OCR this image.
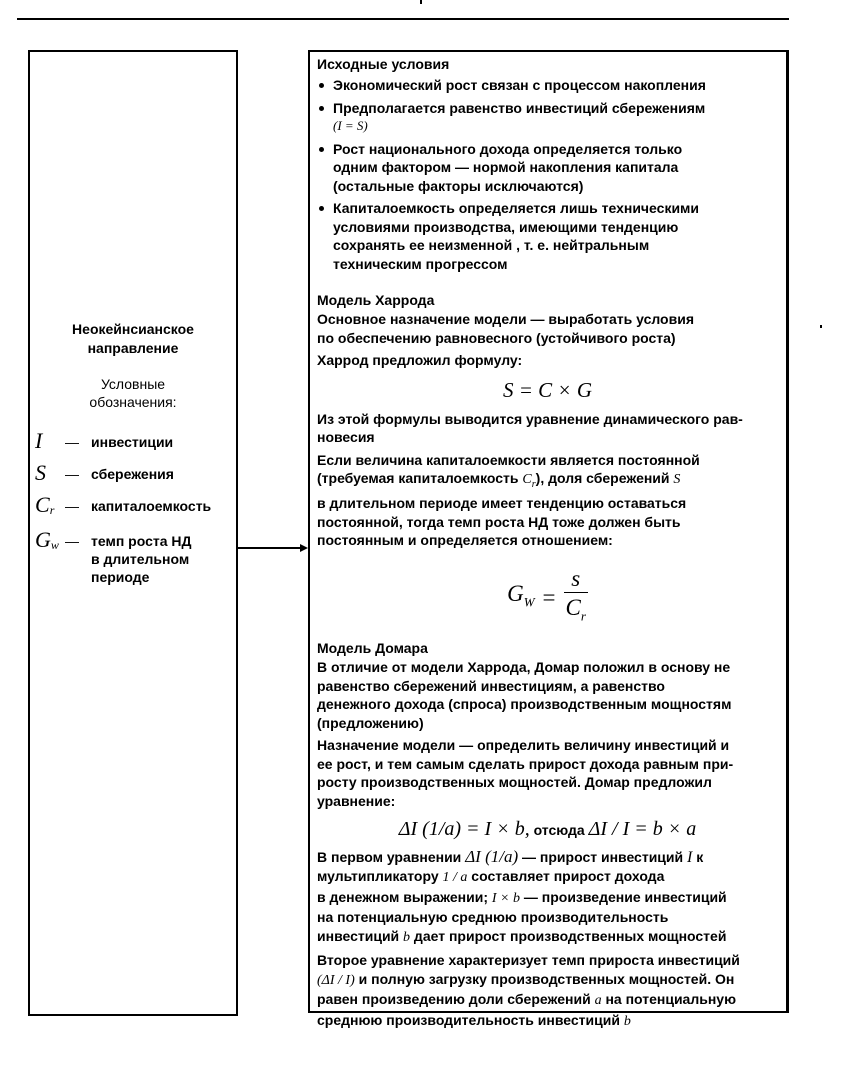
Неокейнсианское
направление
Условные
обозначения:
I	— инвестиции
S	— сбережения
$C_r$ — капиталоемкость
$G_w$ — темп роста НД
в длительном
периоде
Исходные условия
Экономический рост связан с процессом накопления
Предполагается равенство инвестиций сбережениям
(I = S)
Рост национального дохода определяется только
одним фактором — нормой накопления капитала
(остальные факторы исключаются)
Капиталоемкость определяется лишь техническими
условиями производства, имеющими тенденцию
сохранять ее неизменной , т. е. нейтральным
техническим прогрессом
Модель Харрода
Основное назначение модели — выработать условия
по обеспечению равновесного (устойчивого роста)
Харрод предложил формулу:
S = C × G
Из этой формулы выводится уравнение динамического рав-
новесия
Если величина капиталоемкости является постоянной
(требуемая капиталоемкость $C_r$), доля сбережений S
в длительном периоде имеет тенденцию оставаться
постоянной, тогда темп роста НД тоже должен быть
постоянным и определяется отношением:
$G_W = \frac{s}{C_r}$
Модель Домара
В отличие от модели Харрода, Домар положил в основу не
равенство сбережений инвестициям, а равенство
денежного дохода (спроса) производственным мощностям
(предложению)
Назначение модели — определить величину инвестиций и
ее рост, и тем самым сделать прирост дохода равным при-
росту производственных мощностей. Домар предложил
уравнение:
ΔI (1/a) = I × b, отсюда ΔI / I = b × a
В первом уравнении ΔI (1/a) — прирост инвестиций I к
мультипликатору 1 / a составляет прирост дохода
в денежном выражении; I × b — произведение инвестиций
на потенциальную среднюю производительность
инвестиций b дает прирост производственных мощностей
Второе уравнение характеризует темп прироста инвестиций
(ΔI / I) и полную загрузку производственных мощностей. Он
равен произведению доли сбережений a на потенциальную
среднюю производительность инвестиций b
